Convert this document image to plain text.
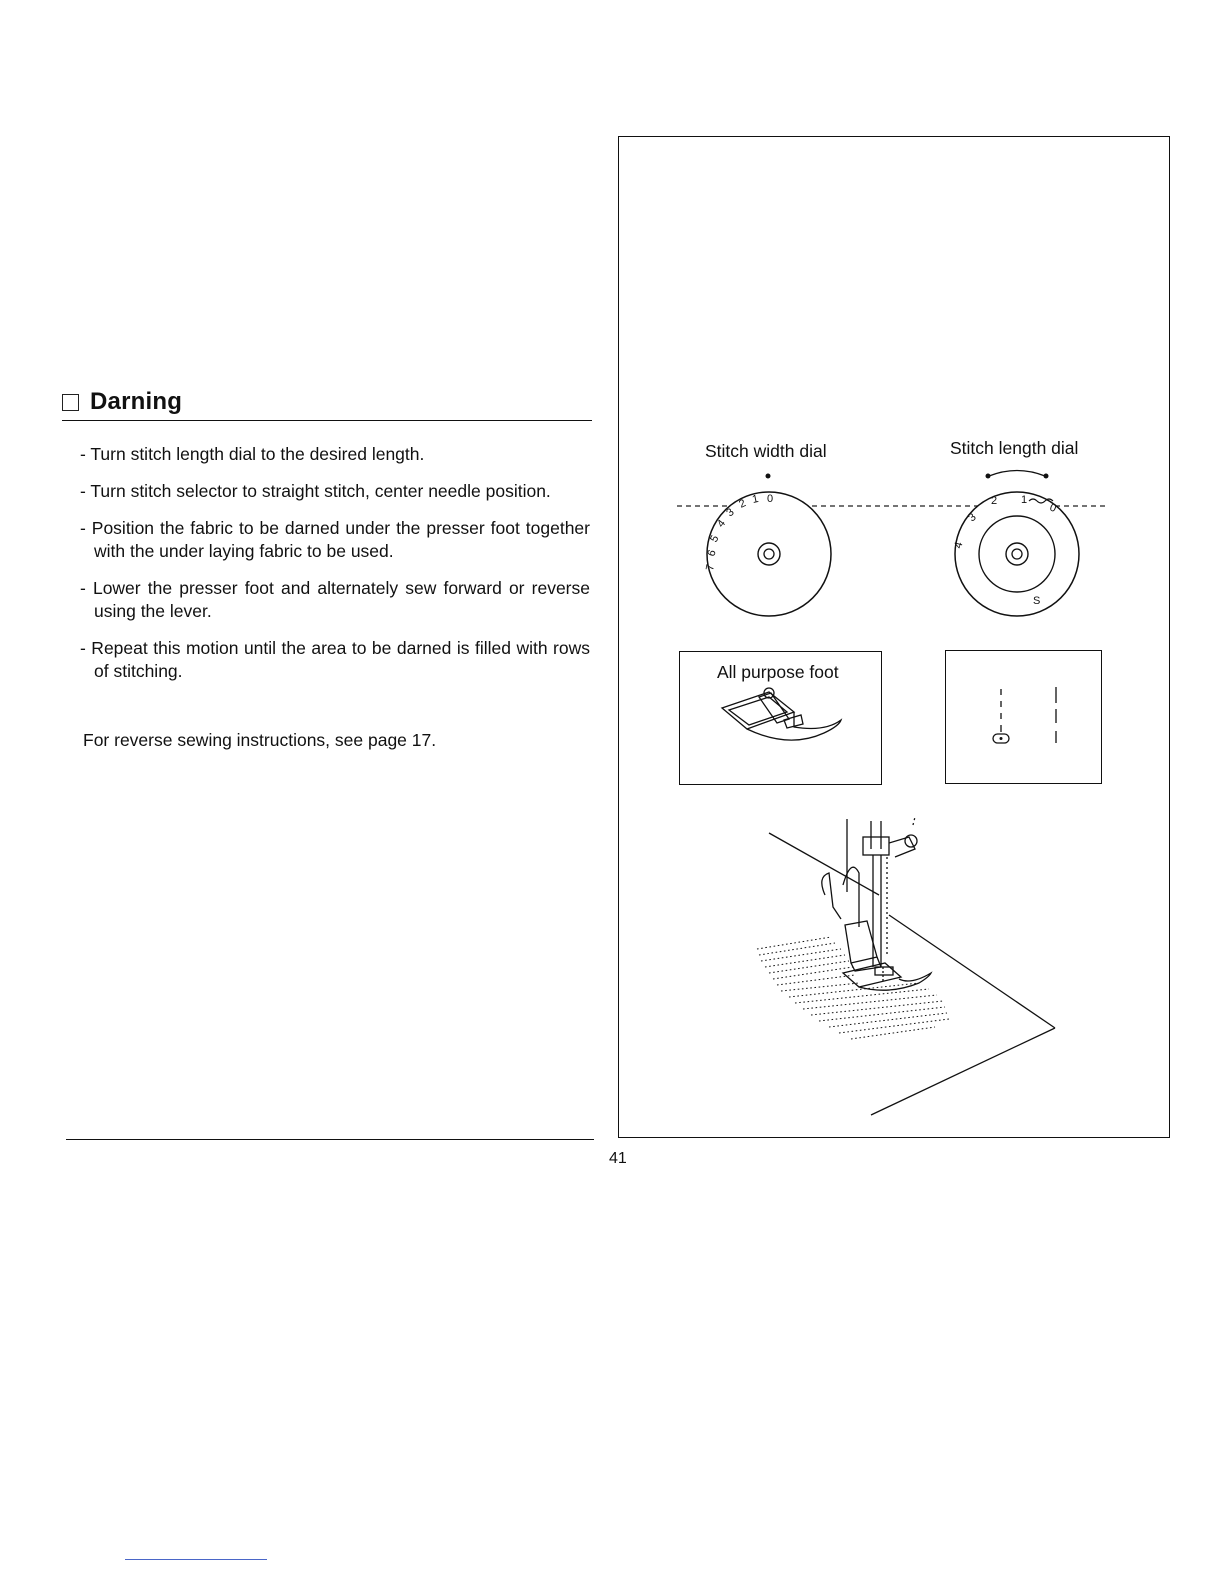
Darning
- Turn stitch length dial to the desired length.
- Turn stitch selector to straight stitch, center needle position.
- Position the fabric to be darned under the presser foot together with the under laying fabric to be used.
- Lower the presser foot and alternately sew forward or reverse using the lever.
- Repeat this motion until the area to be darned is filled with rows of stitching.
For reverse sewing instructions, see page 17.
41
Stitch width dial	Stitch length dial
7
6
5
4
3
2 1 0
4
3
2 1
0
S
All purpose foot
